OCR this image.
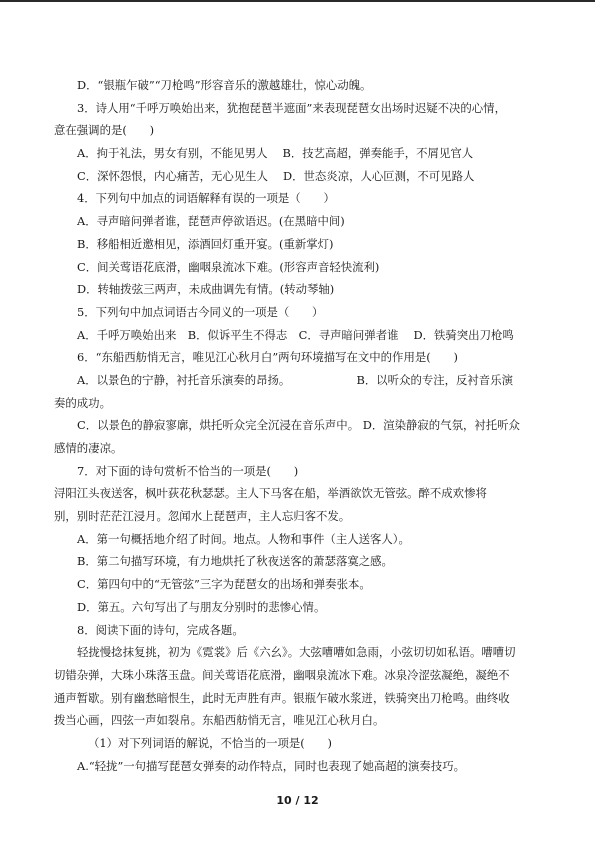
D．“银瓶乍破”“刀枪鸣”形容音乐的激越雄壮，惊心动魄。
3．诗人用“千呼万唤始出来，犹抱琵琶半遮面”来表现琵琶女出场时迟疑不决的心情，
意在强调的是(　　)
A．拘于礼法，男女有别，不能见男人　 B．技艺高超，弹奏能手，不屑见官人
C．深怀怨恨，内心痛苦，无心见生人　 D．世态炎凉，人心叵测，不可见路人
4．下列句中加点的词语解释有误的一项是（　　）
A．寻声暗问弹者谁，琵琶声停欲语迟。(在黑暗中间)
B．移船相近邀相见，添酒回灯重开宴。(重新掌灯)
C．间关莺语花底滑，幽咽泉流冰下难。(形容声音轻快流利)
D．转轴拨弦三两声，未成曲调先有情。(转动琴轴)
5．下列句中加点词语古今同义的一项是（　　）
A．千呼万唤始出来　B．似诉平生不得志　C．寻声暗问弹者谁　 D．铁骑突出刀枪鸣
6．“东船西舫悄无言，唯见江心秋月白”两句环境描写在文中的作用是(　　)
A．以景色的宁静，衬托音乐演奏的昂扬。　　　　　　 B．以听众的专注，反衬音乐演
奏的成功。
C．以景色的静寂寥廓，烘托听众完全沉浸在音乐声中。 D．渲染静寂的气氛，衬托听众
感情的凄凉。
7．对下面的诗句赏析不恰当的一项是(　　)
浔阳江头夜送客，枫叶荻花秋瑟瑟。主人下马客在船，举酒欲饮无管弦。醉不成欢惨将
别，别时茫茫江浸月。忽闻水上琵琶声，主人忘归客不发。
A．第一句概括地介绍了时间。地点。人物和事件（主人送客人）。
B．第二句描写环境，有力地烘托了秋夜送客的萧瑟落寞之感。
C．第四句中的“无管弦”三字为琵琶女的出场和弹奏张本。
D．第五。六句写出了与朋友分别时的悲惨心情。
8．阅读下面的诗句，完成各题。
轻拢慢捻抹复挑，初为《霓裳》后《六幺》。大弦嘈嘈如急雨，小弦切切如私语。嘈嘈切
切错杂弹，大珠小珠落玉盘。间关莺语花底滑，幽咽泉流冰下难。冰泉冷涩弦凝绝，凝绝不
通声暂歇。别有幽愁暗恨生，此时无声胜有声。银瓶乍破水浆迸，铁骑突出刀枪鸣。曲终收
拨当心画，四弦一声如裂帛。东船西舫悄无言，唯见江心秋月白。
（1）对下列词语的解说，不恰当的一项是(　　)
A.“轻拢”一句描写琵琶女弹奏的动作特点，同时也表现了她高超的演奏技巧。
10 / 12
